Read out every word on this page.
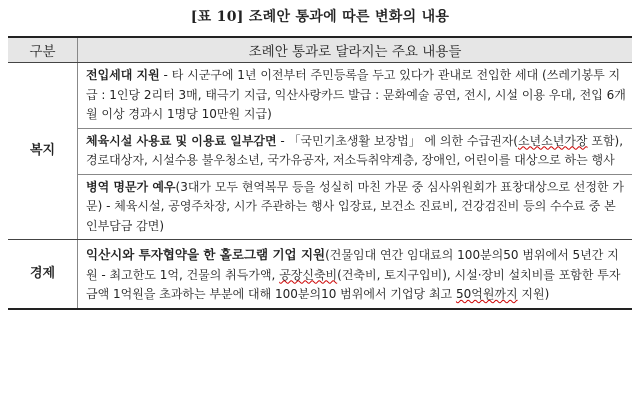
[표 10] 조례안 통과에 따른 변화의 내용
구분	조례안 통과로 달라지는 주요 내용들
복지	전입세대 지원 - 타 시군구에 1년 이전부터 주민등록을 두고 있다가 관내로 전입한 세대 (쓰레기봉투 지급 : 1인당 2리터 3매, 태극기 지급, 익산사랑카드 발급 : 문화예술 공연, 전시, 시설 이용 우대, 전입 6개월 이상 경과시 1명당 10만원 지급)
	체육시설 사용료 및 이용료 일부감면 - 「국민기초생활 보장법」 에 의한 수급권자(소년소년가장 포함), 경로대상자, 시설수용 불우청소년, 국가유공자, 저소득취약계층, 장애인, 어린이를 대상으로 하는 행사
	병역 명문가 예우(3대가 모두 현역복무 등을 성실히 마친 가문 중 심사위원회가 표창대상으로 선정한 가문) - 체육시설, 공영주차장, 시가 주관하는 행사 입장료, 보건소 진료비, 건강검진비 등의 수수료 중 본인부담금 감면)
경제	익산시와 투자협약을 한 홀로그램 기업 지원(건물임대 연간 임대료의 100분의50 범위에서 5년간 지원 - 최고한도 1억, 건물의 취득가액, 공장신축비(건축비, 토지구입비), 시설·장비 설치비를 포함한 투자 금액 1억원을 초과하는 부분에 대해 100분의10 범위에서 기업당 최고 50억원까지 지원)
